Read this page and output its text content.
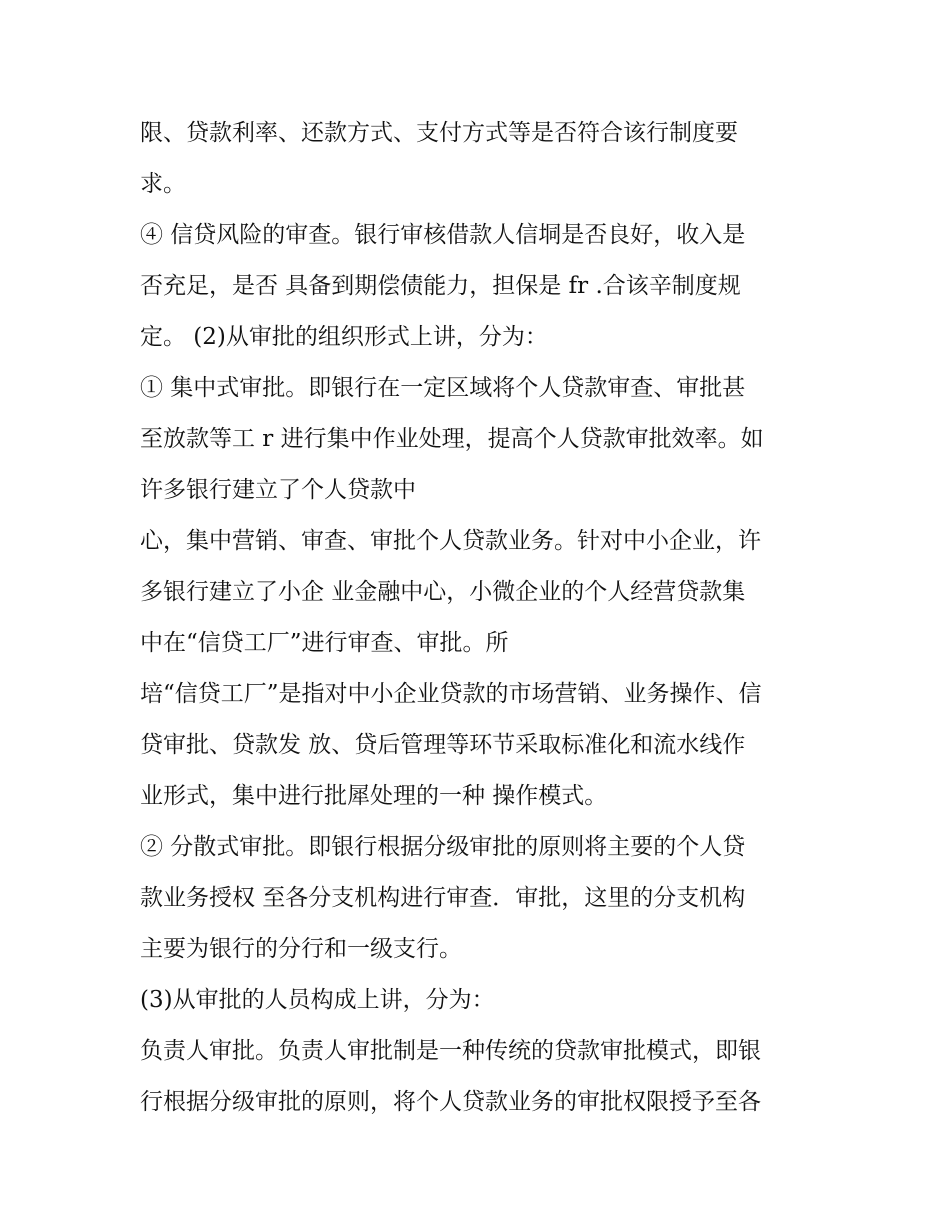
限、贷款利率、还款方式、支付方式等是否符合该行制度要
求。
④ 信贷风险的审查。银行审核借款人信垌是否良好，收入是
否充足，是否 具备到期偿债能力，担保是 fr .合该辛制度规
定。 (2)从审批的组织形式上讲，分为：
① 集中式审批。即银行在一定区域将个人贷款审查、审批甚
至放款等工 r 进行集中作业处理，提高个人贷款审批效率。如
许多银行建立了个人贷款中
心，集中营销、审查、审批个人贷款业务。针对中小企业，许
多银行建立了小企 业金融中心，小微企业的个人经营贷款集
中在“信贷工厂”进行审查、审批。所
培“信贷工厂”是指对中小企业贷款的市场营销、业务操作、信
贷审批、贷款发 放、贷后管理等环节采取标准化和流水线作
业形式，集中进行批犀处理的一种 操作模式。
② 分散式审批。即银行根据分级审批的原则将主要的个人贷
款业务授权 至各分支机构进行审查．审批，这里的分支机构
主要为银行的分行和一级支行。
(3)从审批的人员构成上讲，分为：
负责人审批。负责人审批制是一种传统的贷款审批模式，即银
行根据分级审批的原则，将个人贷款业务的审批权限授予至各
